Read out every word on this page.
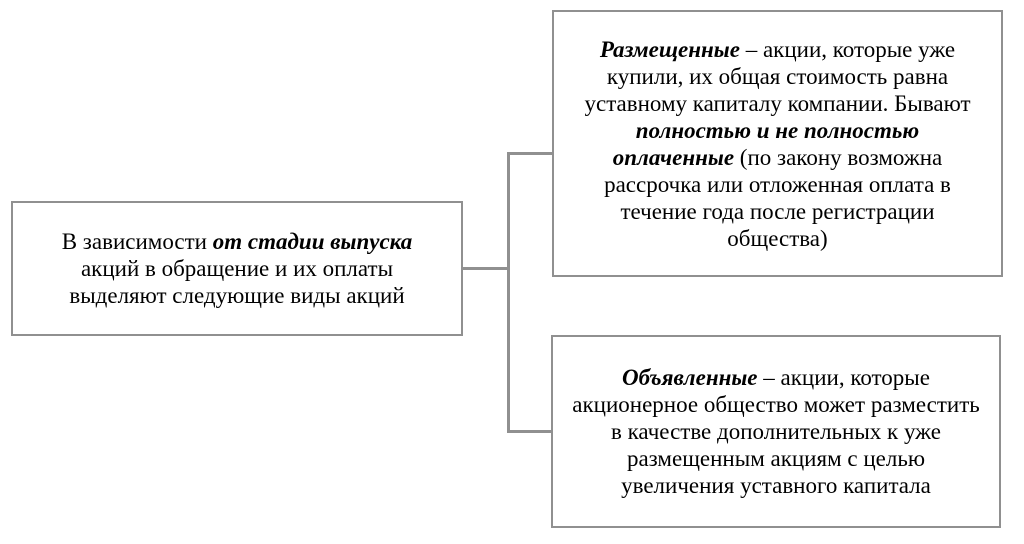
В зависимости от стадии выпуска
акций в обращение и их оплаты
выделяют следующие виды акций
Размещенные – акции, которые уже
купили, их общая стоимость равна
уставному капиталу компании. Бывают
полностью и не полностью
оплаченные (по закону возможна
рассрочка или отложенная оплата в
течение года после регистрации
общества)
Объявленные – акции, которые
акционерное общество может разместить
в качестве дополнительных к уже
размещенным акциям с целью
увеличения уставного капитала
